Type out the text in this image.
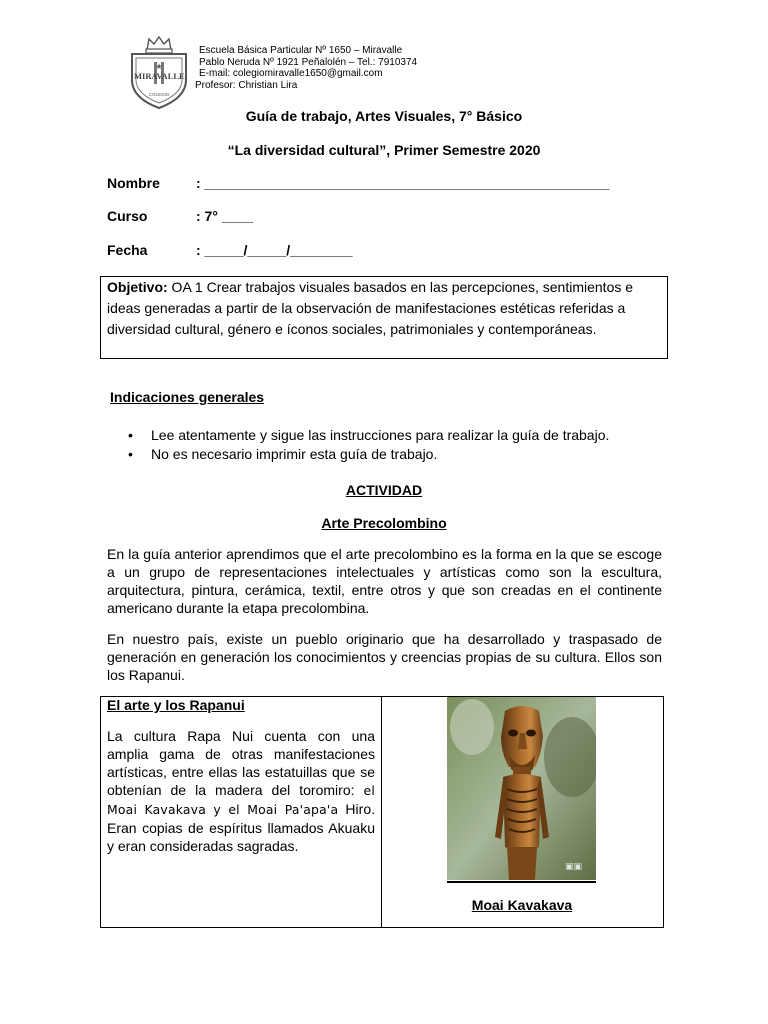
★
MIRAVALLE
COLEGIO
Escuela Básica Particular Nº 1650 – Miravalle
Pablo Neruda Nº 1921 Peñalolén – Tel.: 7910374
E-mail: colegiomiravalle1650@gmail.com
Profesor: Christian Lira
Guía de trabajo, Artes Visuales, 7° Básico
“La diversidad cultural”, Primer Semestre 2020
Nombre	: ____________________________________________________
Curso	: 7° ____
Fecha	: _____/_____/________
Objetivo: OA 1 Crear trabajos visuales basados en las percepciones, sentimientos e ideas generadas a partir de la observación de manifestaciones estéticas referidas a diversidad cultural, género e íconos sociales, patrimoniales y contemporáneas.
Indicaciones generales
• Lee atentamente y sigue las instrucciones para realizar la guía de trabajo.
• No es necesario imprimir esta guía de trabajo.
ACTIVIDAD
Arte Precolombino
En la guía anterior aprendimos que el arte precolombino es la forma en la que se escoge a un grupo de representaciones intelectuales y artísticas como son la escultura, arquitectura, pintura, cerámica, textil, entre otros y que son creadas en el continente americano durante la etapa precolombina.
En nuestro país, existe un pueblo originario que ha desarrollado y traspasado de generación en generación los conocimientos y creencias propias de su cultura. Ellos son los Rapanui.
El arte y los Rapanui
La cultura Rapa Nui cuenta con una amplia gama de otras manifestaciones artísticas, entre ellas las estatuillas que se obtenían de la madera del toromiro: el Moai Kavakava y el Moai Pa'apa'a Hiro. Eran copias de espíritus llamados Akuaku y eran consideradas sagradas.
▣▣
Moai Kavakava
